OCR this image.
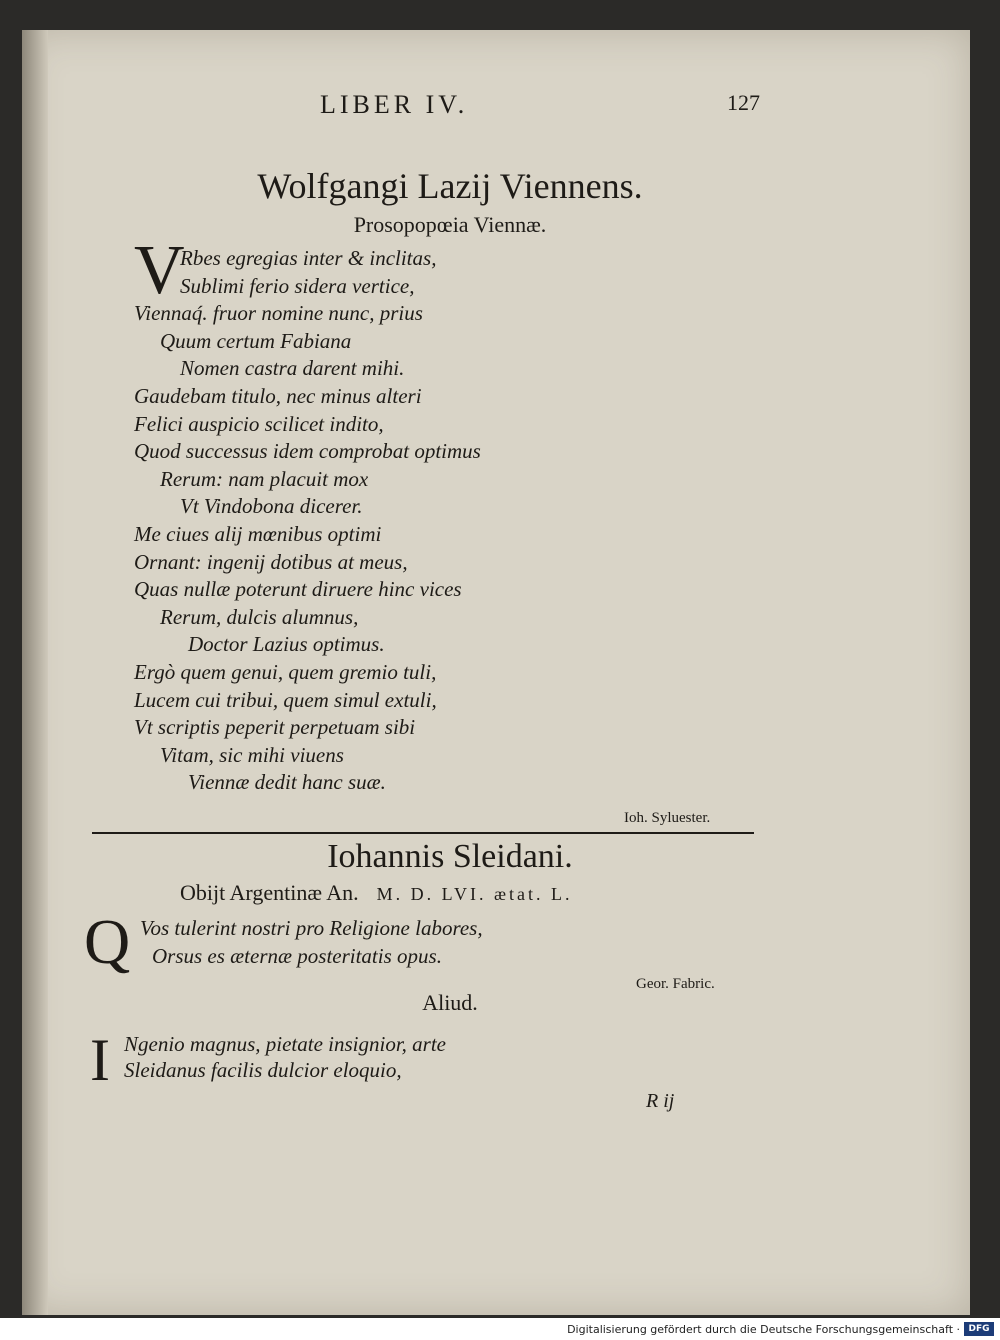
LIBER IV.	127
Wolfgangi Lazij Viennens.
Prosopopœia Viennæ.
V
Rbes egregias inter & inclitas,
Sublimi ferio sidera vertice,
Viennaq́. fruor nomine nunc, prius
Quum certum Fabiana
Nomen castra darent mihi.
Gaudebam titulo, nec minus alteri
Felici auspicio scilicet indito,
Quod successus idem comprobat optimus
Rerum: nam placuit mox
Vt Vindobona dicerer.
Me ciues alij mœnibus optimi
Ornant: ingenij dotibus at meus,
Quas nullæ poterunt diruere hinc vices
Rerum, dulcis alumnus,
Doctor Lazius optimus.
Ergò quem genui, quem gremio tuli,
Lucem cui tribui, quem simul extuli,
Vt scriptis peperit perpetuam sibi
Vitam, sic mihi viuens
Viennæ dedit hanc suæ.
Ioh. Syluester.
Iohannis Sleidani.
Obijt Argentinæ An. M. D. LVI. ætat. L.
Q Vos tulerint nostri pro Religione labores,
Orsus es æternæ posteritatis opus.
Geor. Fabric.
Aliud.
I Ngenio magnus, pietate insignior, arte
Sleidanus facilis dulcior eloquio,
R ij
Digitalisierung gefördert durch die Deutsche Forschungsgemeinschaft · DFG
